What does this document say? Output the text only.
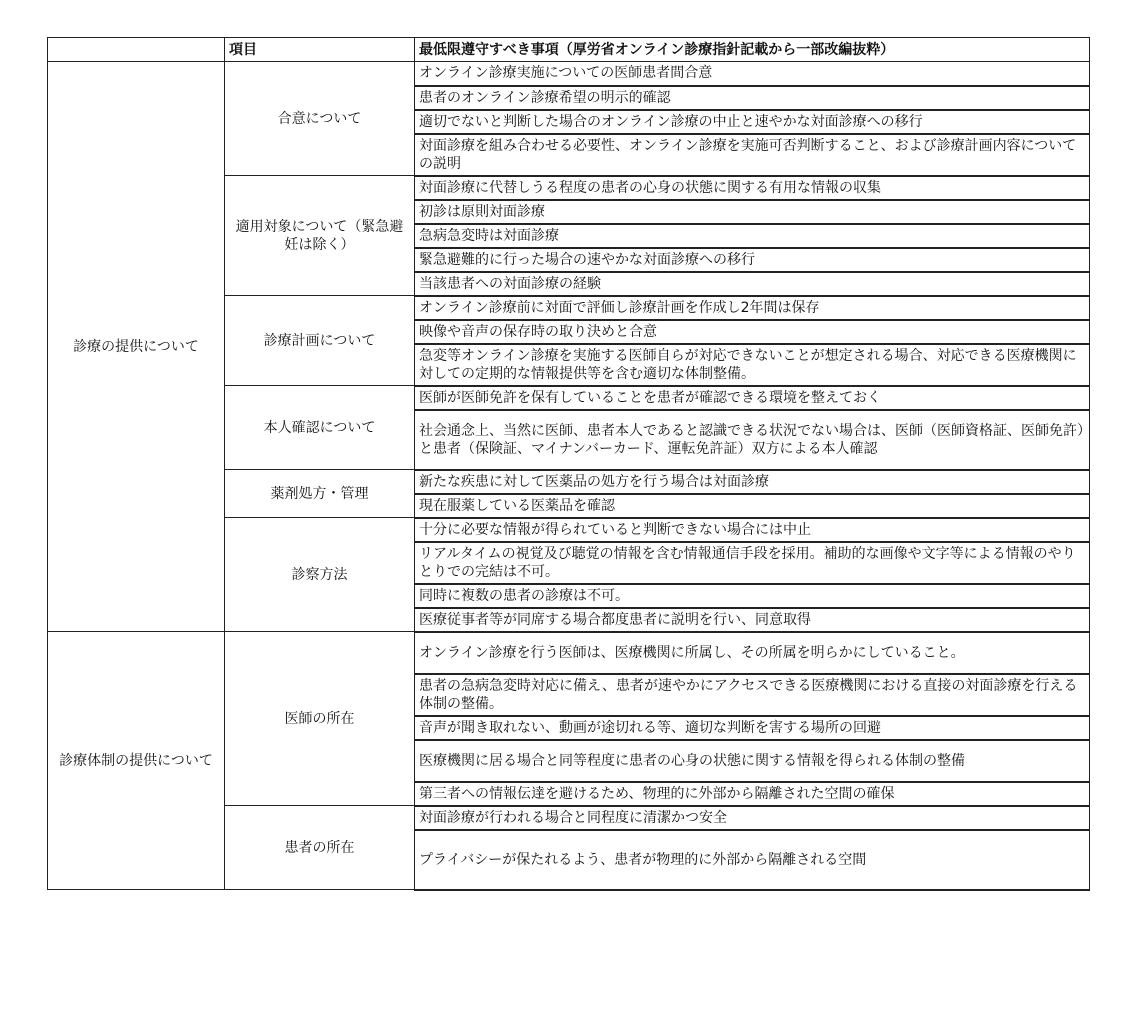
	項目	最低限遵守すべき事項（厚労省オンライン診療指針記載から一部改編抜粋）
診療の提供について	合意について	オンライン診療実施についての医師患者間合意
		患者のオンライン診療希望の明示的確認
		適切でないと判断した場合のオンライン診療の中止と速やかな対面診療への移行
		対面診療を組み合わせる必要性、オンライン診療を実施可否判断すること、および診療計画内容についての説明
	適用対象について（緊急避妊は除く）	対面診療に代替しうる程度の患者の心身の状態に関する有用な情報の収集
		初診は原則対面診療
		急病急変時は対面診療
		緊急避難的に行った場合の速やかな対面診療への移行
		当該患者への対面診療の経験
	診療計画について	オンライン診療前に対面で評価し診療計画を作成し2年間は保存
		映像や音声の保存時の取り決めと合意
		急変等オンライン診療を実施する医師自らが対応できないことが想定される場合、対応できる医療機関に対しての定期的な情報提供等を含む適切な体制整備。
	本人確認について	医師が医師免許を保有していることを患者が確認できる環境を整えておく
		社会通念上、当然に医師、患者本人であると認識できる状況でない場合は、医師（医師資格証、医師免許）と患者（保険証、マイナンバーカード、運転免許証）双方による本人確認
	薬剤処方・管理	新たな疾患に対して医薬品の処方を行う場合は対面診療
		現在服薬している医薬品を確認
	診察方法	十分に必要な情報が得られていると判断できない場合には中止
		リアルタイムの視覚及び聴覚の情報を含む情報通信手段を採用。補助的な画像や文字等による情報のやりとりでの完結は不可。
		同時に複数の患者の診療は不可。
		医療従事者等が同席する場合都度患者に説明を行い、同意取得
診療体制の提供について	医師の所在	オンライン診療を行う医師は、医療機関に所属し、その所属を明らかにしていること。
		患者の急病急変時対応に備え、患者が速やかにアクセスできる医療機関における直接の対面診療を行える体制の整備。
		音声が聞き取れない、動画が途切れる等、適切な判断を害する場所の回避
		医療機関に居る場合と同等程度に患者の心身の状態に関する情報を得られる体制の整備
		第三者への情報伝達を避けるため、物理的に外部から隔離された空間の確保
	患者の所在	対面診療が行われる場合と同程度に清潔かつ安全
		プライバシーが保たれるよう、患者が物理的に外部から隔離される空間
